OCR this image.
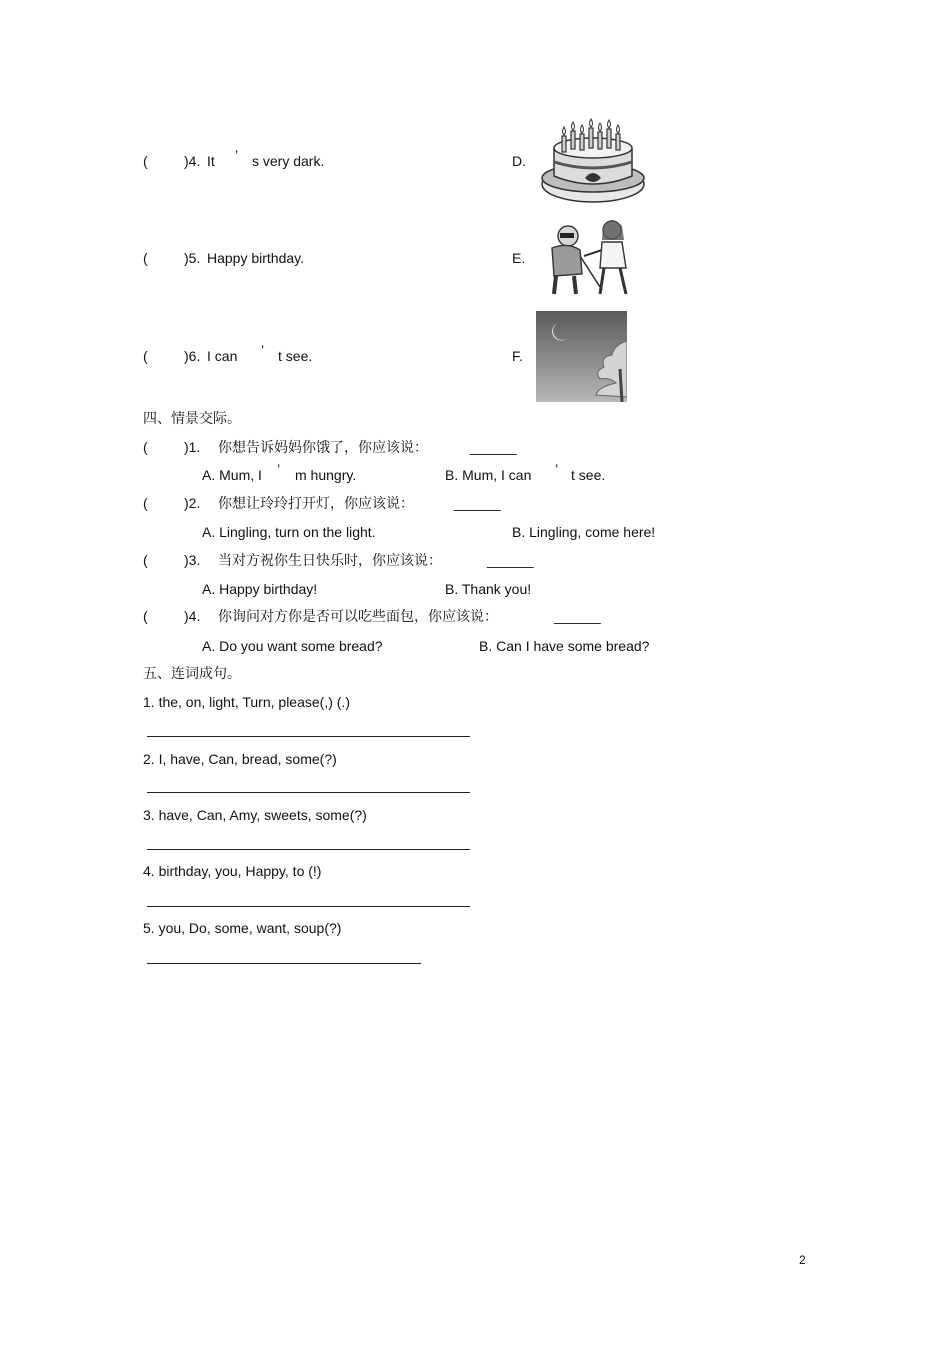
(	)4. It ’ s very dark.	D.
(	)5. Happy birthday.	E.
(	)6. I can ’ t see.	F.
四、情景交际。
(	)1. 你想告诉妈妈你饿了，你应该说：	______
A. Mum, I ’ m hungry.	B. Mum, I can ’ t see.
(	)2. 你想让玲玲打开灯，你应该说：	______
A. Lingling, turn on the light.	B. Lingling, come here!
(	)3. 当对方祝你生日快乐时，你应该说：	______
A. Happy birthday!	B. Thank you!
(	)4. 你询问对方你是否可以吃些面包，你应该说：	______
A. Do you want some bread?	B. Can I have some bread?
五、连词成句。
1. the, on, light, Turn, please(,) (.)
2. I, have, Can, bread, some(?)
3. have, Can, Amy, sweets, some(?)
4. birthday, you, Happy, to (!)
5. you, Do, some, want, soup(?)
2
